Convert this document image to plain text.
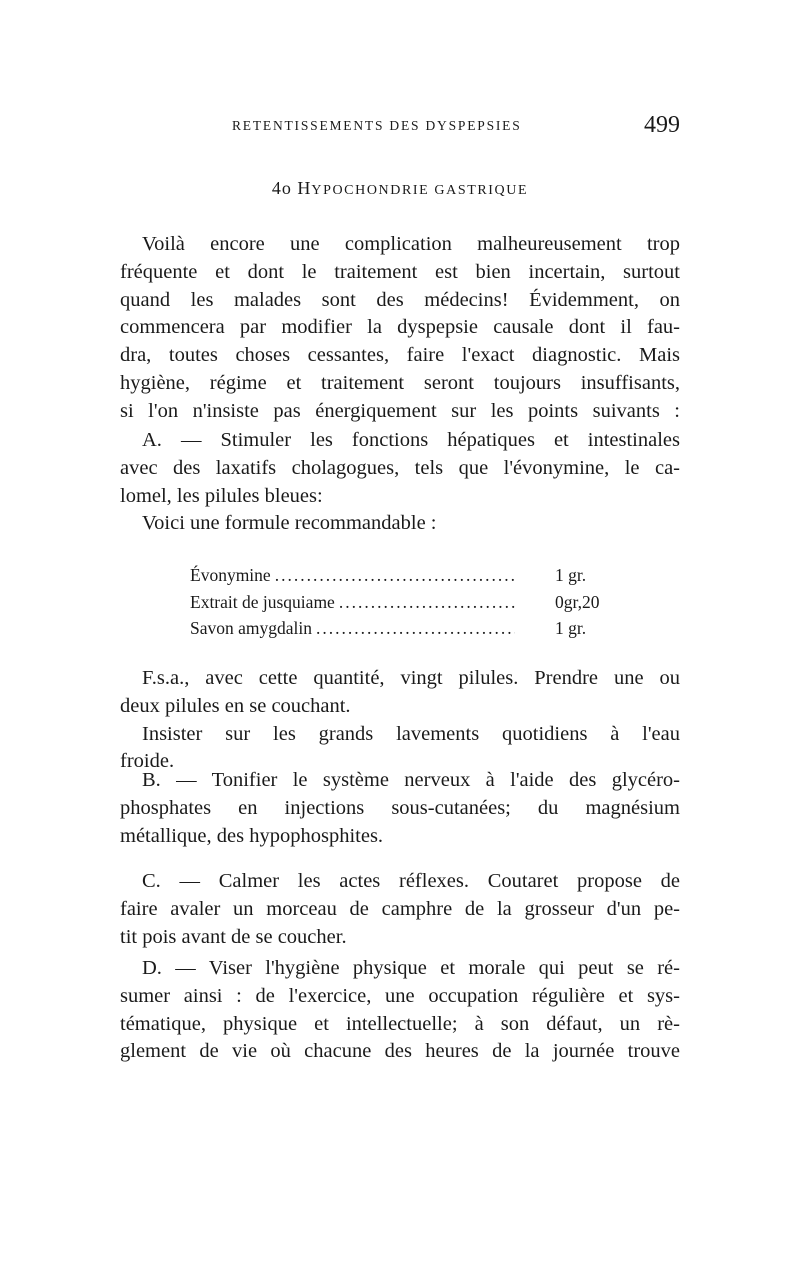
RETENTISSEMENTS DES DYSPEPSIES	499
4o HYPOCHONDRIE GASTRIQUE
Voilà encore une complication malheureusement trop
fréquente et dont le traitement est bien incertain, surtout
quand les malades sont des médecins! Évidemment, on
commencera par modifier la dyspepsie causale dont il fau-
dra, toutes choses cessantes, faire l'exact diagnostic. Mais
hygiène, régime et traitement seront toujours insuffisants,
si l'on n'insiste pas énergiquement sur les points suivants :
A. — Stimuler les fonctions hépatiques et intestinales
avec des laxatifs cholagogues, tels que l'évonymine, le ca-
lomel, les pilules bleues:
Voici une formule recommandable :
Évonymine .....	1 gr.
Extrait de jusquiame .....	0gr,20
Savon amygdalin .....	1 gr.
F.s.a., avec cette quantité, vingt pilules. Prendre une ou
deux pilules en se couchant.
Insister sur les grands lavements quotidiens à l'eau
froide.
B. — Tonifier le système nerveux à l'aide des glycéro-
phosphates en injections sous-cutanées; du magnésium
métallique, des hypophosphites.
C. — Calmer les actes réflexes. Coutaret propose de
faire avaler un morceau de camphre de la grosseur d'un pe-
tit pois avant de se coucher.
D. — Viser l'hygiène physique et morale qui peut se ré-
sumer ainsi : de l'exercice, une occupation régulière et sys-
tématique, physique et intellectuelle; à son défaut, un rè-
glement de vie où chacune des heures de la journée trouve
